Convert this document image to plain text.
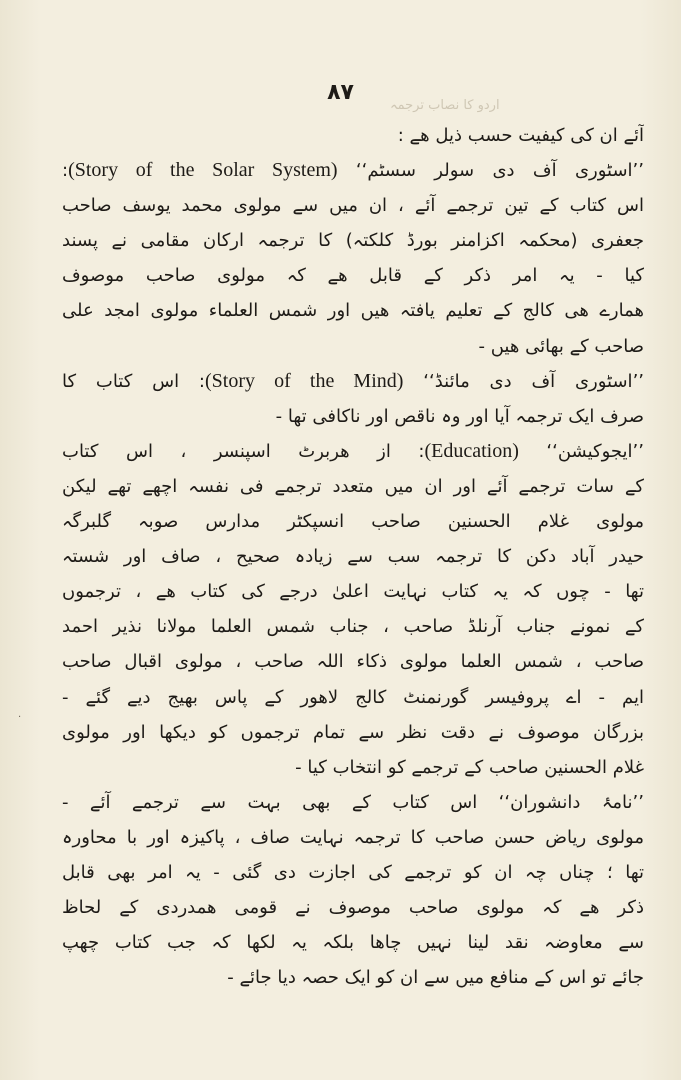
اردو کا نصاب ترجمہ
۸۷
آئے ان کی کیفیت حسب ذیل ھے :
’’اسٹوری آف دی سولر سسٹم‘‘ (Story of the Solar System):
اس کتاب کے تین ترجمے آئے ، ان میں سے مولوی محمد یوسف صاحب
جعفری (محکمہ اکزامنر بورڈ کلکتہ) کا ترجمہ ارکان مقامی نے پسند
کیا - یہ امر ذکر کے قابل ھے کہ مولوی صاحب موصوف
ھمارے ھی کالج کے تعلیم یافتہ ھیں اور شمس العلماء مولوی امجد علی
صاحب کے بھائی ھیں -
’’اسٹوری آف دی مائنڈ‘‘ (Story of the Mind): اس کتاب کا
صرف ایک ترجمہ آیا اور وہ ناقص اور ناکافی تھا -
’’ایجوکیشن‘‘ (Education): از ھربرٹ اسپنسر ، اس کتاب
کے سات ترجمے آئے اور ان میں متعدد ترجمے فی نفسہ اچھے تھے لیکن
مولوی غلام الحسنین صاحب انسپکٹر مدارس صوبہ گلبرگہ
حیدر آباد دکن کا ترجمہ سب سے زیادہ صحیح ، صاف اور شستہ
تھا - چوں کہ یہ کتاب نہایت اعلیٰ درجے کی کتاب ھے ، ترجموں
کے نمونے جناب آرنلڈ صاحب ، جناب شمس العلما مولانا نذیر احمد
صاحب ، شمس العلما مولوی ذکاء اللہ صاحب ، مولوی اقبال صاحب
ایم - اے پروفیسر گورنمنٹ کالج لاھور کے پاس بھیج دیے گئے -
بزرگان موصوف نے دقت نظر سے تمام ترجموں کو دیکھا اور مولوی
غلام الحسنین صاحب کے ترجمے کو انتخاب کیا -
’’نامۂ دانشوران‘‘ اس کتاب کے بھی بہت سے ترجمے آئے -
مولوی ریاض حسن صاحب کا ترجمہ نہایت صاف ، پاکیزہ اور با محاورہ
تھا ؛ چناں چہ ان کو ترجمے کی اجازت دی گئی - یہ امر بھی قابل
ذکر ھے کہ مولوی صاحب موصوف نے قومی ھمدردی کے لحاظ
سے معاوضہ نقد لینا نہیں چاھا بلکہ یہ لکھا کہ جب کتاب چھپ
جائے تو اس کے منافع میں سے ان کو ایک حصہ دیا جائے -
·
